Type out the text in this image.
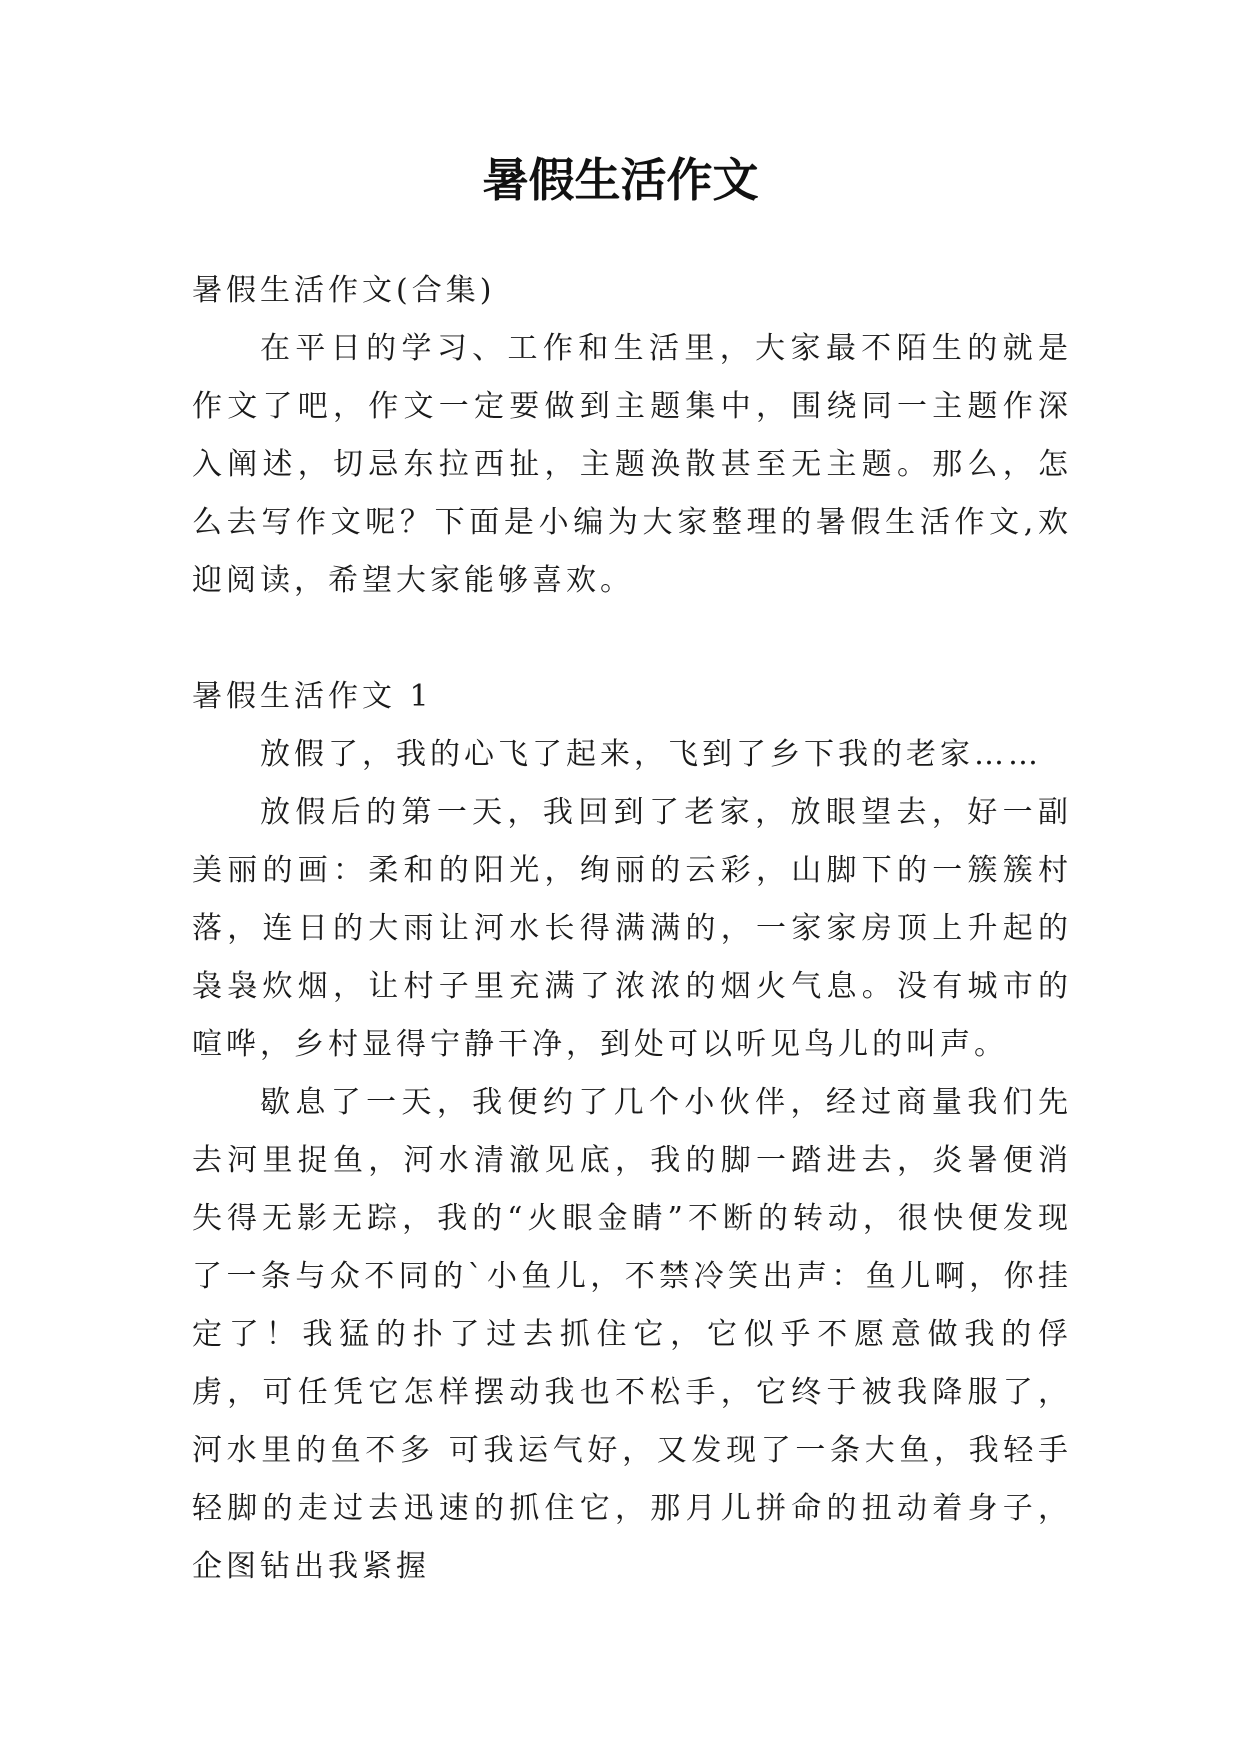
暑假生活作文

暑假生活作文(合集)

在平日的学习、工作和生活里，大家最不陌生的就是作文了吧，作文一定要做到主题集中，围绕同一主题作深入阐述，切忌东拉西扯，主题涣散甚至无主题。那么，怎么去写作文呢？下面是小编为大家整理的暑假生活作文,欢迎阅读，希望大家能够喜欢。

暑假生活作文 1

放假了，我的心飞了起来，飞到了乡下我的老家……

放假后的第一天，我回到了老家，放眼望去，好一副美丽的画：柔和的阳光，绚丽的云彩，山脚下的一簇簇村落，连日的大雨让河水长得满满的，一家家房顶上升起的袅袅炊烟，让村子里充满了浓浓的烟火气息。没有城市的喧哗，乡村显得宁静干净，到处可以听见鸟儿的叫声。

歇息了一天，我便约了几个小伙伴，经过商量我们先去河里捉鱼，河水清澈见底，我的脚一踏进去，炎暑便消失得无影无踪，我的“火眼金睛”不断的转动，很快便发现了一条与众不同的`小鱼儿，不禁冷笑出声：鱼儿啊，你挂定了！我猛的扑了过去抓住它，它似乎不愿意做我的俘虏，可任凭它怎样摆动我也不松手，它终于被我降服了，河水里的鱼不多 可我运气好，又发现了一条大鱼，我轻手轻脚的走过去迅速的抓住它，那月儿拼命的扭动着身子，企图钻出我紧握
